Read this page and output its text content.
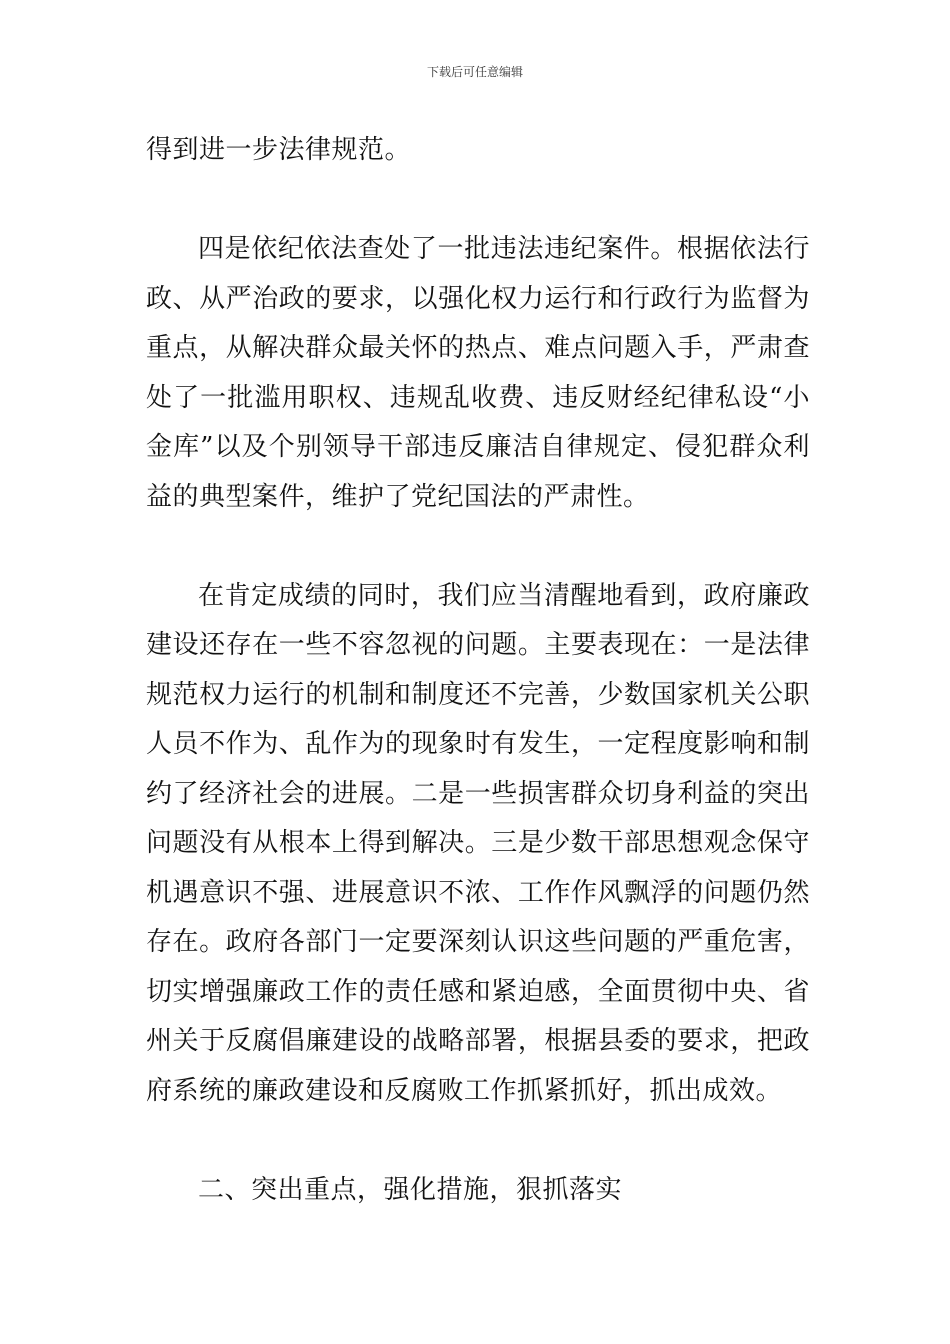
下载后可任意编辑

得到进一步法律规范。

四是依纪依法查处了一批违法违纪案件。根据依法行政、从严治政的要求，以强化权力运行和行政行为监督为重点，从解决群众最关怀的热点、难点问题入手，严肃查处了一批滥用职权、违规乱收费、违反财经纪律私设“小金库”以及个别领导干部违反廉洁自律规定、侵犯群众利益的典型案件，维护了党纪国法的严肃性。

在肯定成绩的同时，我们应当清醒地看到，政府廉政建设还存在一些不容忽视的问题。主要表现在：一是法律规范权力运行的机制和制度还不完善，少数国家机关公职人员不作为、乱作为的现象时有发生，一定程度影响和制约了经济社会的进展。二是一些损害群众切身利益的突出问题没有从根本上得到解决。三是少数干部思想观念保守机遇意识不强、进展意识不浓、工作作风飘浮的问题仍然存在。政府各部门一定要深刻认识这些问题的严重危害，切实增强廉政工作的责任感和紧迫感，全面贯彻中央、省州关于反腐倡廉建设的战略部署，根据县委的要求，把政府系统的廉政建设和反腐败工作抓紧抓好，抓出成效。

二、突出重点，强化措施，狠抓落实
